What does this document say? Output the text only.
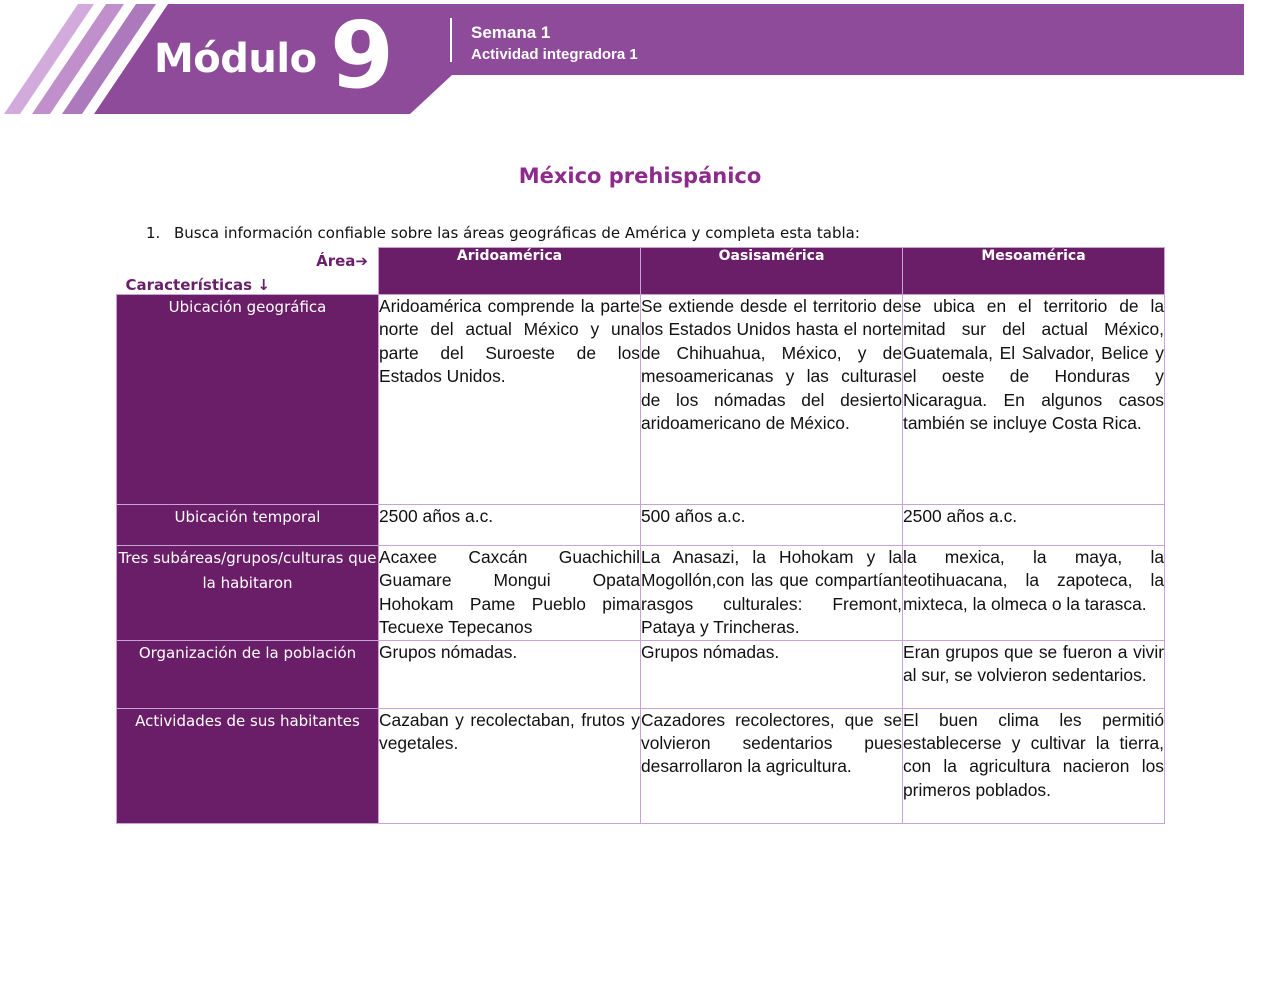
Módulo 9	Semana 1
Actividad integradora 1
México prehispánico
1. Busca información confiable sobre las áreas geográficas de América y completa esta tabla:
Área➔
Características ↓	Aridoamérica	Oasisamérica	Mesoamérica
Ubicación geográfica	Aridoamérica comprende la parte norte del actual México y una parte del Suroeste de los Estados Unidos.	Se extiende desde el territorio de los Estados Unidos hasta el norte de Chihuahua, México, y de mesoamericanas y las culturas de los nómadas del desierto aridoamericano de México.	se ubica en el territorio de la mitad sur del actual México, Guatemala, El Salvador, Belice y el oeste de Honduras y Nicaragua. En algunos casos también se incluye Costa Rica.
Ubicación temporal	2500 años a.c.	500 años a.c.	2500 años a.c.
Tres subáreas/grupos/culturas que la habitaron	Acaxee Caxcán Guachichil Guamare Mongui Opata Hohokam Pame Pueblo pima Tecuexe Tepecanos	La Anasazi, la Hohokam y la Mogollón,con las que compartían rasgos culturales: Fremont, Pataya y Trincheras.	la mexica, la maya, la teotihuacana, la zapoteca, la mixteca, la olmeca o la tarasca.
Organización de la población	Grupos nómadas.	Grupos nómadas.	Eran grupos que se fueron a vivir al sur, se volvieron sedentarios.
Actividades de sus habitantes	Cazaban y recolectaban, frutos y vegetales.	Cazadores recolectores, que se volvieron sedentarios pues desarrollaron la agricultura.	El buen clima les permitió establecerse y cultivar la tierra, con la agricultura nacieron los primeros poblados.
